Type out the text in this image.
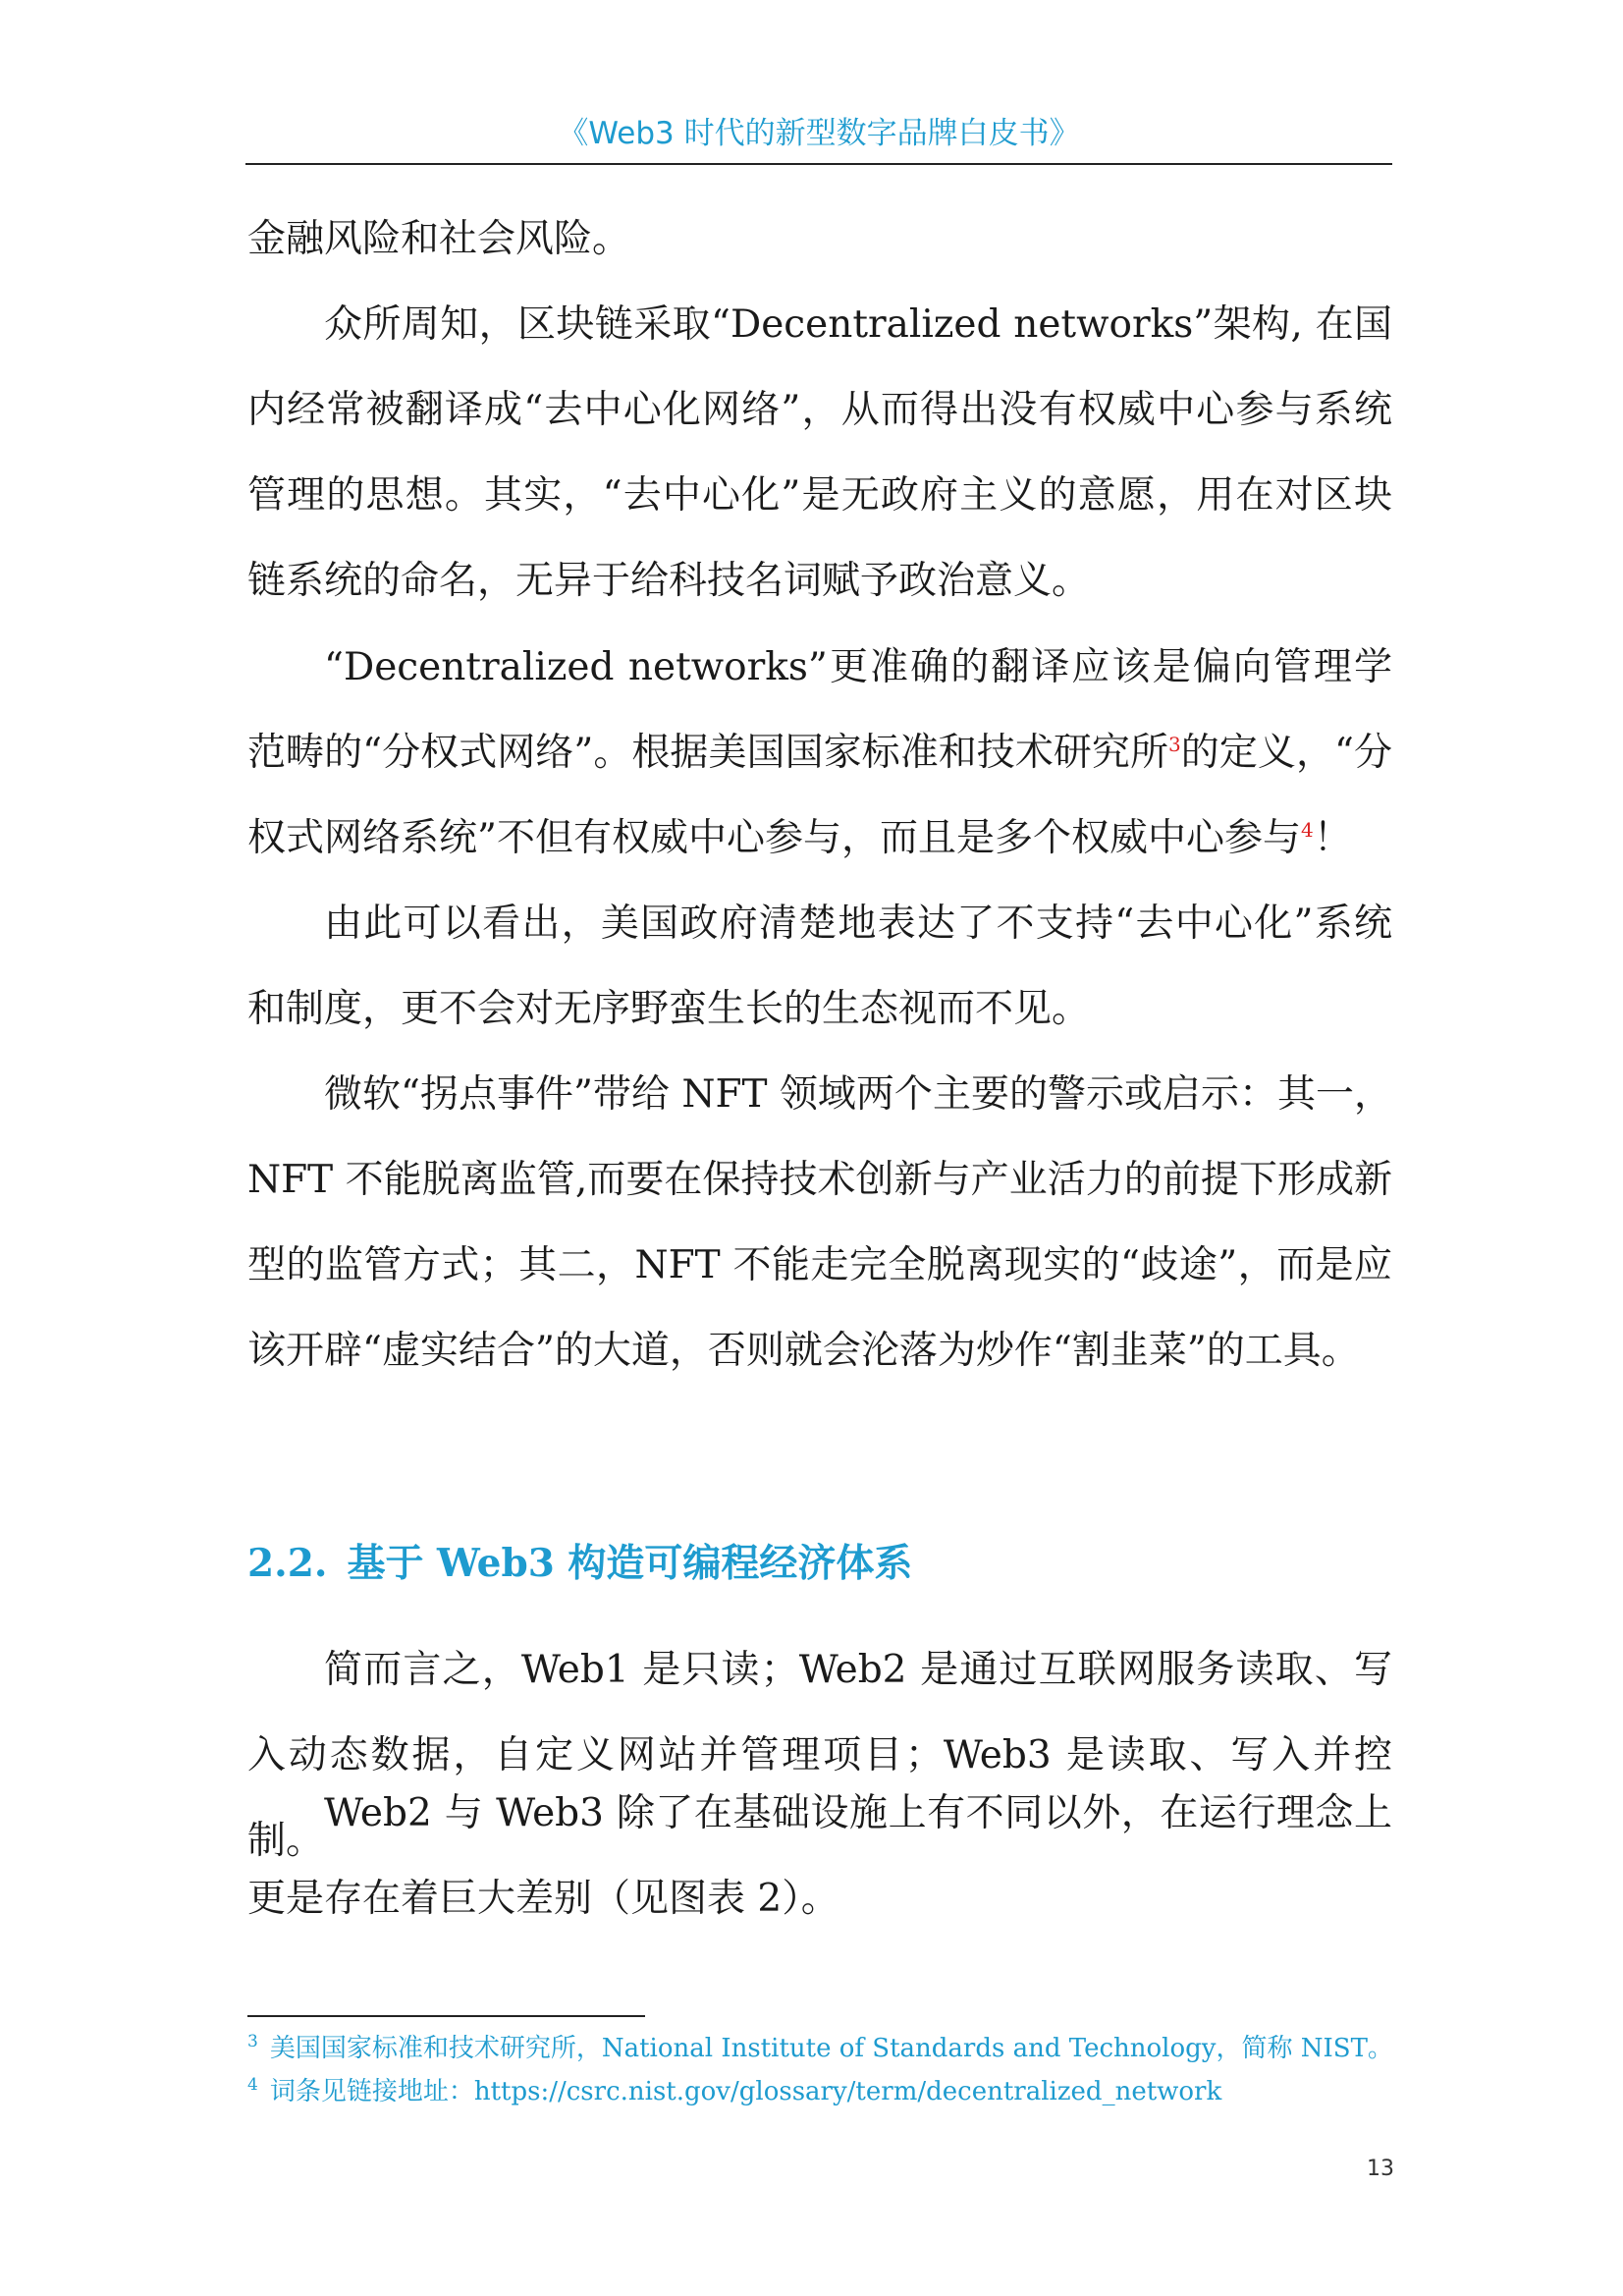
《Web3 时代的新型数字品牌白皮书》

金融风险和社会风险。

众所周知，区块链采取“Decentralized networks”架构, 在国内经常被翻译成“去中心化网络”，从而得出没有权威中心参与系统管理的思想。其实，“去中心化”是无政府主义的意愿，用在对区块链系统的命名，无异于给科技名词赋予政治意义。

“Decentralized networks”更准确的翻译应该是偏向管理学范畴的“分权式网络”。根据美国国家标准和技术研究所$^3$的定义，“分权式网络系统”不但有权威中心参与，而且是多个权威中心参与$^4$！

由此可以看出，美国政府清楚地表达了不支持“去中心化”系统和制度，更不会对无序野蛮生长的生态视而不见。

微软“拐点事件”带给 NFT 领域两个主要的警示或启示：其一，NFT 不能脱离监管,而要在保持技术创新与产业活力的前提下形成新型的监管方式；其二，NFT 不能走完全脱离现实的“歧途”，而是应该开辟“虚实结合”的大道，否则就会沦落为炒作“割韭菜”的工具。

2.2. 基于 Web3 构造可编程经济体系

简而言之，Web1 是只读；Web2 是通过互联网服务读取、写入动态数据，自定义网站并管理项目；Web3 是读取、写入并控制。

Web2 与 Web3 除了在基础设施上有不同以外，在运行理念上更是存在着巨大差别（见图表 2）。

$^3$ 美国国家标准和技术研究所，National Institute of Standards and Technology，简称 NIST。

$^4$ 词条见链接地址：https://csrc.nist.gov/glossary/term/decentralized_network

13
